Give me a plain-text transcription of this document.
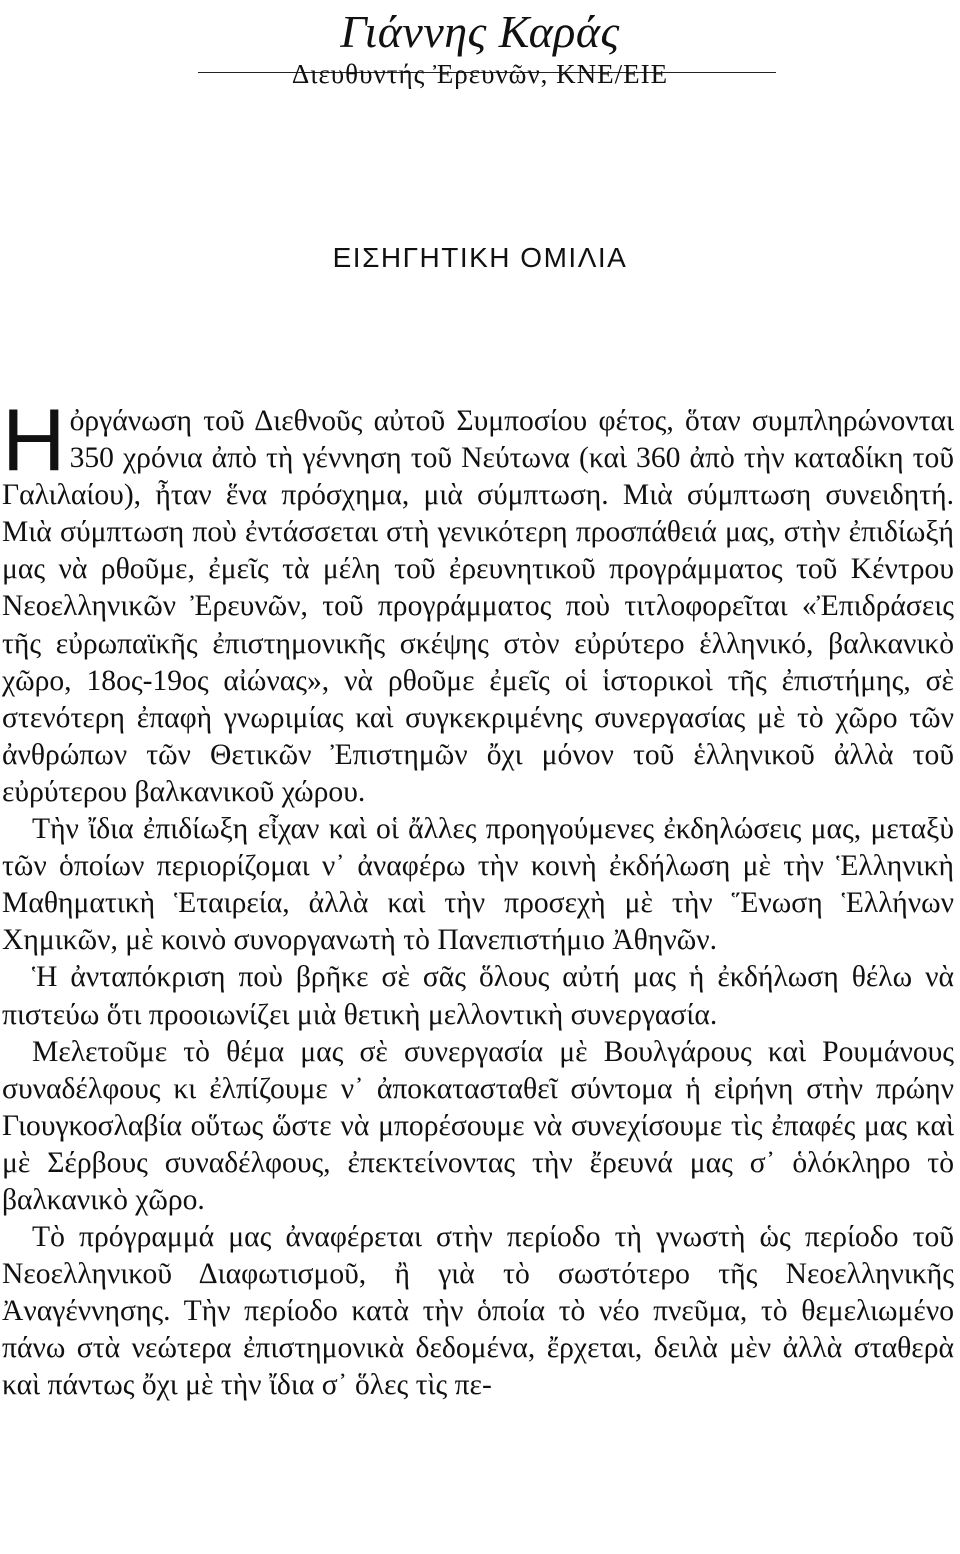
Γιάννης Καράς
Διευθυντής Ἐρευνῶν, ΚΝΕ/ΕΙΕ
ΕΙΣΗΓΗΤΙΚΗ ΟΜΙΛΙΑ

Η ὀργάνωση τοῦ Διεθνοῦς αὐτοῦ Συμποσίου φέτος, ὅταν συμπληρώνονται 350 χρόνια ἀπὸ τὴ γέννηση τοῦ Νεύτωνα (καὶ 360 ἀπὸ τὴν καταδίκη τοῦ Γαλιλαίου), ἦταν ἕνα πρόσχημα, μιὰ σύμπτωση. Μιὰ σύμπτωση συνειδητή. Μιὰ σύμπτωση ποὺ ἐντάσσεται στὴ γενικότερη προσπάθειά μας, στὴν ἐπιδίωξή μας νὰ ρθοῦμε, ἐμεῖς τὰ μέλη τοῦ ἐρευνητικοῦ προγράμματος τοῦ Κέντρου Νεοελληνικῶν Ἐρευνῶν, τοῦ προγράμματος ποὺ τιτλοφορεῖται «Ἐπιδράσεις τῆς εὐρωπαϊκῆς ἐπιστημονικῆς σκέψης στὸν εὐρύτερο ἑλληνικό, βαλκανικὸ χῶρο, 18ος-19ος αἰώνας», νὰ ρθοῦμε ἐμεῖς οἱ ἱστορικοὶ τῆς ἐπιστήμης, σὲ στενότερη ἐπαφὴ γνωριμίας καὶ συγκεκριμένης συνεργασίας μὲ τὸ χῶρο τῶν ἀνθρώπων τῶν Θετικῶν Ἐπιστημῶν ὄχι μόνον τοῦ ἑλληνικοῦ ἀλλὰ τοῦ εὐρύτερου βαλκανικοῦ χώρου.

Τὴν ἴδια ἐπιδίωξη εἶχαν καὶ οἱ ἄλλες προηγούμενες ἐκδηλώσεις μας, μεταξὺ τῶν ὁποίων περιορίζομαι ν᾽ ἀναφέρω τὴν κοινὴ ἐκδήλωση μὲ τὴν Ἑλληνικὴ Μαθηματικὴ Ἑταιρεία, ἀλλὰ καὶ τὴν προσεχὴ μὲ τὴν Ἕνωση Ἑλλήνων Χημικῶν, μὲ κοινὸ συνοργανωτὴ τὸ Πανεπιστήμιο Ἀθηνῶν.

Ἡ ἀνταπόκριση ποὺ βρῆκε σὲ σᾶς ὅλους αὐτή μας ἡ ἐκδήλωση θέλω νὰ πιστεύω ὅτι προοιωνίζει μιὰ θετικὴ μελλοντικὴ συνεργασία.

Μελετοῦμε τὸ θέμα μας σὲ συνεργασία μὲ Βουλγάρους καὶ Ρουμάνους συναδέλφους κι ἐλπίζουμε ν᾽ ἀποκατασταθεῖ σύντομα ἡ εἰρήνη στὴν πρώην Γιουγκοσλαβία οὕτως ὥστε νὰ μπορέσουμε νὰ συνεχίσουμε τὶς ἐπαφές μας καὶ μὲ Σέρβους συναδέλφους, ἐπεκτείνοντας τὴν ἔρευνά μας σ᾽ ὁλόκληρο τὸ βαλκανικὸ χῶρο.

Τὸ πρόγραμμά μας ἀναφέρεται στὴν περίοδο τὴ γνωστὴ ὡς περίοδο τοῦ Νεοελληνικοῦ Διαφωτισμοῦ, ἢ γιὰ τὸ σωστότερο τῆς Νεοελληνικῆς Ἀναγέννησης. Τὴν περίοδο κατὰ τὴν ὁποία τὸ νέο πνεῦμα, τὸ θεμελιωμένο πάνω στὰ νεώτερα ἐπιστημονικὰ δεδομένα, ἔρχεται, δειλὰ μὲν ἀλλὰ σταθερὰ καὶ πάντως ὄχι μὲ τὴν ἴδια σ᾽ ὅλες τὶς πε-
